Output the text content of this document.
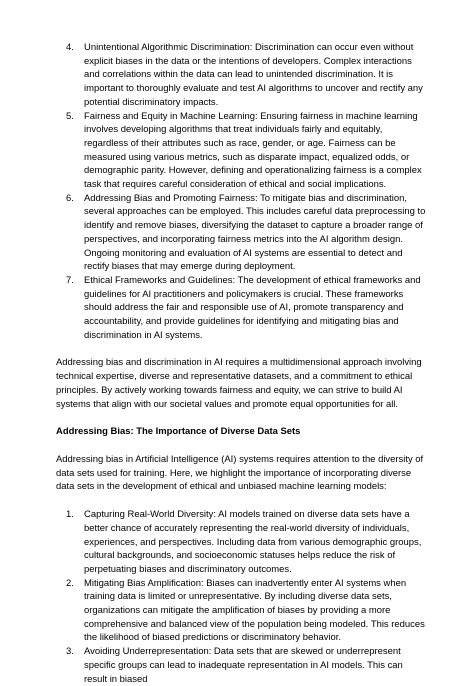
4. Unintentional Algorithmic Discrimination: Discrimination can occur even without explicit biases in the data or the intentions of developers. Complex interactions and correlations within the data can lead to unintended discrimination. It is important to thoroughly evaluate and test AI algorithms to uncover and rectify any potential discriminatory impacts.
5. Fairness and Equity in Machine Learning: Ensuring fairness in machine learning involves developing algorithms that treat individuals fairly and equitably, regardless of their attributes such as race, gender, or age. Fairness can be measured using various metrics, such as disparate impact, equalized odds, or demographic parity. However, defining and operationalizing fairness is a complex task that requires careful consideration of ethical and social implications.
6. Addressing Bias and Promoting Fairness: To mitigate bias and discrimination, several approaches can be employed. This includes careful data preprocessing to identify and remove biases, diversifying the dataset to capture a broader range of perspectives, and incorporating fairness metrics into the AI algorithm design. Ongoing monitoring and evaluation of AI systems are essential to detect and rectify biases that may emerge during deployment.
7. Ethical Frameworks and Guidelines: The development of ethical frameworks and guidelines for AI practitioners and policymakers is crucial. These frameworks should address the fair and responsible use of AI, promote transparency and accountability, and provide guidelines for identifying and mitigating bias and discrimination in AI systems.

Addressing bias and discrimination in AI requires a multidimensional approach involving technical expertise, diverse and representative datasets, and a commitment to ethical principles. By actively working towards fairness and equity, we can strive to build AI systems that align with our societal values and promote equal opportunities for all.

Addressing Bias: The Importance of Diverse Data Sets

Addressing bias in Artificial Intelligence (AI) systems requires attention to the diversity of data sets used for training. Here, we highlight the importance of incorporating diverse data sets in the development of ethical and unbiased machine learning models:

1. Capturing Real-World Diversity: AI models trained on diverse data sets have a better chance of accurately representing the real-world diversity of individuals, experiences, and perspectives. Including data from various demographic groups, cultural backgrounds, and socioeconomic statuses helps reduce the risk of perpetuating biases and discriminatory outcomes.
2. Mitigating Bias Amplification: Biases can inadvertently enter AI systems when training data is limited or unrepresentative. By including diverse data sets, organizations can mitigate the amplification of biases by providing a more comprehensive and balanced view of the population being modeled. This reduces the likelihood of biased predictions or discriminatory behavior.
3. Avoiding Underrepresentation: Data sets that are skewed or underrepresent specific groups can lead to inadequate representation in AI models. This can result in biased
